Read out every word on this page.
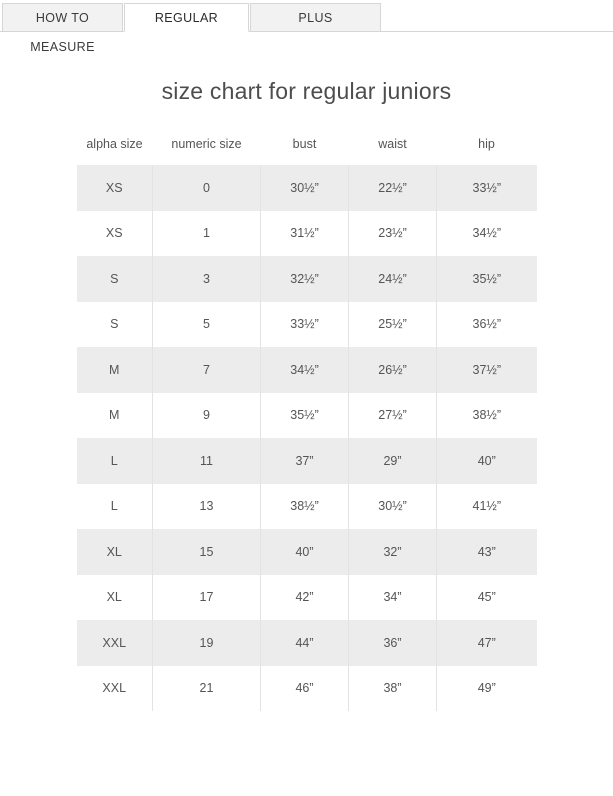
HOW TO MEASURE
REGULAR	PLUS
size chart for regular juniors
alpha size	numeric size	bust	waist	hip
XS	0	30½”	22½”	33½”
XS	1	31½”	23½”	34½”
S	3	32½”	24½”	35½”
S	5	33½”	25½”	36½”
M	7	34½”	26½”	37½”
M	9	35½”	27½”	38½”
L	11	37”	29”	40”
L	13	38½”	30½”	41½”
XL	15	40”	32”	43”
XL	17	42”	34”	45”
XXL	19	44”	36”	47”
XXL	21	46”	38”	49”
